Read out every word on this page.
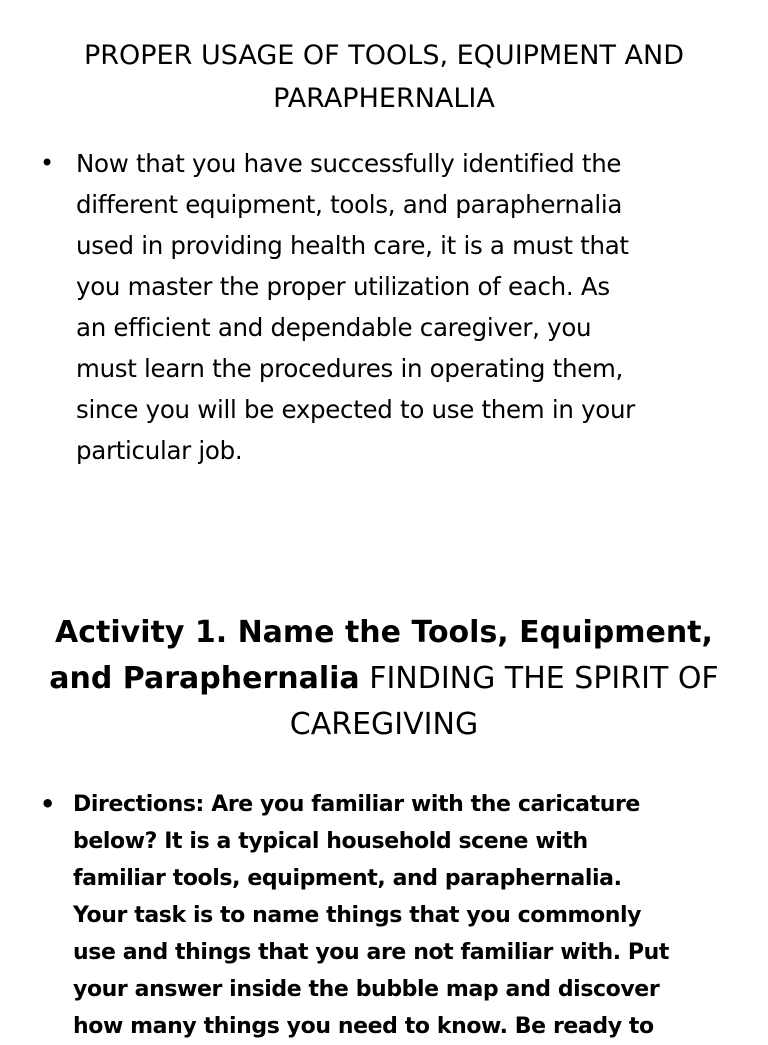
PROPER USAGE OF TOOLS, EQUIPMENT AND
PARAPHERNALIA
• Now that you have successfully identified the
different equipment, tools, and paraphernalia
used in providing health care, it is a must that
you master the proper utilization of each. As
an efficient and dependable caregiver, you
must learn the procedures in operating them,
since you will be expected to use them in your
particular job.
Activity 1. Name the Tools, Equipment,
and Paraphernalia FINDING THE SPIRIT OF
CAREGIVING
• Directions: Are you familiar with the caricature
below? It is a typical household scene with
familiar tools, equipment, and paraphernalia.
Your task is to name things that you commonly
use and things that you are not familiar with. Put
your answer inside the bubble map and discover
how many things you need to know. Be ready to
